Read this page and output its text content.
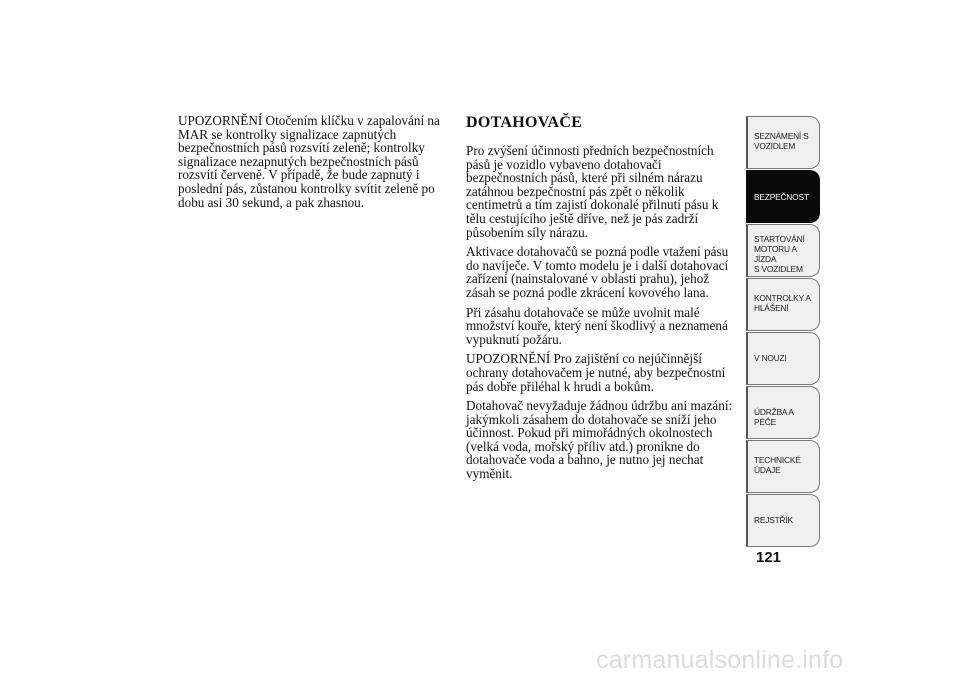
UPOZORNĚNÍ Otočením klíčku v zapalování na MAR se kontrolky signalizace zapnutých bezpečnostních pásů rozsvítí zeleně; kontrolky signalizace nezapnutých bezpečnostních pásů rozsvítí červeně. V případě, že bude zapnutý i poslední pás, zůstanou kontrolky svítit zeleně po dobu asi 30 sekund, a pak zhasnou.

DOTAHOVAČE

Pro zvýšení účinnosti předních bezpečnostních pásů je vozidlo vybaveno dotahovači bezpečnostních pásů, které při silném nárazu zatáhnou bezpečnostní pás zpět o několik centimetrů a tím zajistí dokonalé přilnutí pásu k tělu cestujícího ještě dříve, než je pás zadrží působením síly nárazu.

Aktivace dotahovačů se pozná podle vtažení pásu do navíječe. V tomto modelu je i další dotahovací zařízení (nainstalované v oblasti prahu), jehož zásah se pozná podle zkrácení kovového lana.

Při zásahu dotahovače se může uvolnit malé množství kouře, který není škodlivý a neznamená vypuknutí požáru.

UPOZORNĚNÍ Pro zajištění co nejúčinnější ochrany dotahovačem je nutné, aby bezpečnostní pás dobře přiléhal k hrudi a bokům.

Dotahovač nevyžaduje žádnou údržbu ani mazání: jakýmkoli zásahem do dotahovače se sníží jeho účinnost. Pokud při mimořádných okolnostech (velká voda, mořský příliv atd.) pronikne do dotahovače voda a bahno, je nutno jej nechat vyměnit.

SEZNÁMENÍ S
VOZIDLEM
BEZPEČNOST
STARTOVÁNÍ
MOTORU A JÍZDA
S VOZIDLEM
KONTROLKY A
HLÁŠENÍ
V NOUZI
ÚDRŽBA A PÉČE
TECHNICKÉ
ÚDAJE
REJSTŘÍK
121
carmanualsonline.info
